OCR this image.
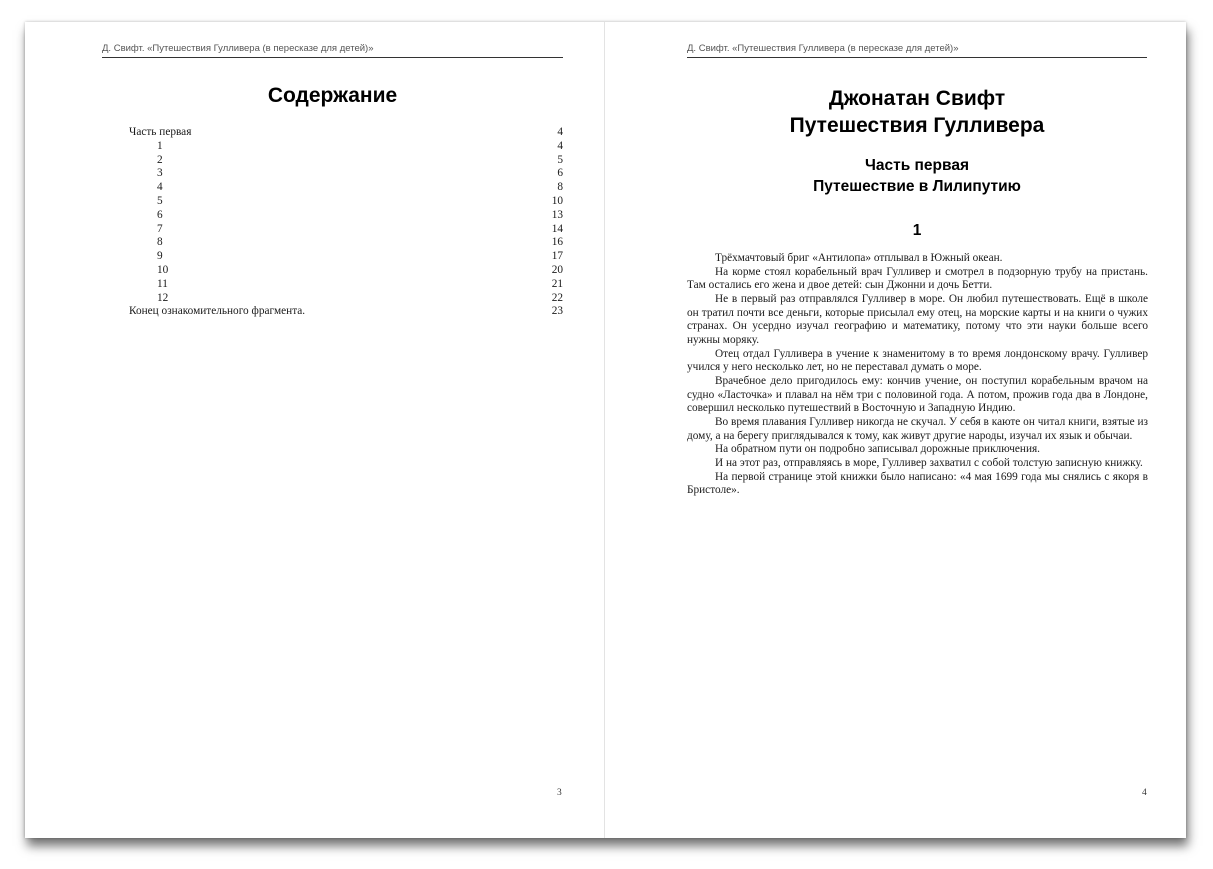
Д. Свифт. «Путешествия Гулливера (в пересказе для детей)»
Содержание
Часть первая	4
1	4
2	5
3	6
4	8
5	10
6	13
7	14
8	16
9	17
10	20
11	21
12	22
Конец ознакомительного фрагмента.	23
3
Д. Свифт. «Путешествия Гулливера (в пересказе для детей)»
Джонатан Свифт
Путешествия Гулливера
Часть первая
Путешествие в Лилипутию
1

Трёхмачтовый бриг «Антилопа» отплывал в Южный океан.

На корме стоял корабельный врач Гулливер и смотрел в подзорную трубу на пристань. Там остались его жена и двое детей: сын Джонни и дочь Бетти.

Не в первый раз отправлялся Гулливер в море. Он любил путешествовать. Ещё в школе он тратил почти все деньги, которые присылал ему отец, на морские карты и на книги о чужих странах. Он усердно изучал географию и математику, потому что эти науки больше всего нужны моряку.

Отец отдал Гулливера в учение к знаменитому в то время лондонскому врачу. Гулливер учился у него несколько лет, но не переставал думать о море.

Врачебное дело пригодилось ему: кончив учение, он поступил корабельным врачом на судно «Ласточка» и плавал на нём три с половиной года. А потом, прожив года два в Лондоне, совершил несколько путешествий в Восточную и Западную Индию.

Во время плавания Гулливер никогда не скучал. У себя в каюте он читал книги, взятые из дому, а на берегу приглядывался к тому, как живут другие народы, изучал их язык и обычаи.

На обратном пути он подробно записывал дорожные приключения.

И на этот раз, отправляясь в море, Гулливер захватил с собой толстую записную книжку.

На первой странице этой книжки было написано: «4 мая 1699 года мы снялись с якоря в Бристоле».

4
